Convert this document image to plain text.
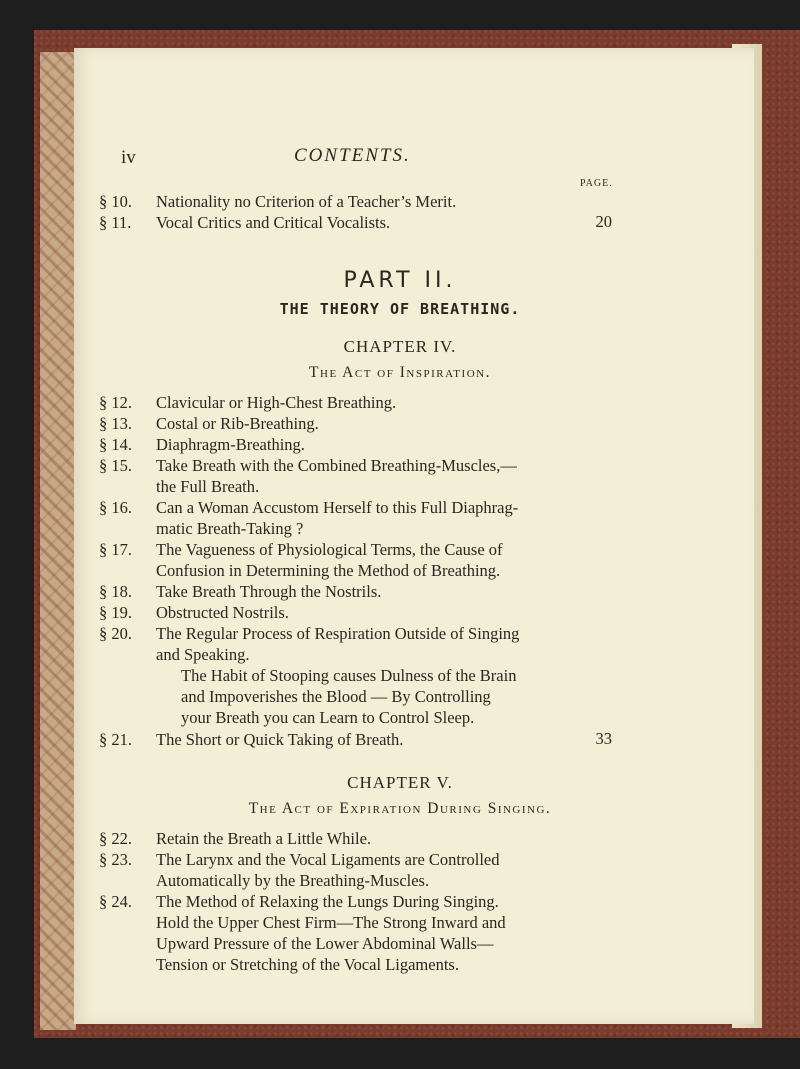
iv	CONTENTS.
PAGE.
§ 10. Nationality no Criterion of a Teacher’s Merit.
§ 11. Vocal Critics and Critical Vocalists.	20
PART II.
THE THEORY OF BREATHING.
CHAPTER IV.
The Act of Inspiration.
§ 12. Clavicular or High-Chest Breathing.
§ 13. Costal or Rib-Breathing.
§ 14. Diaphragm-Breathing.
§ 15. Take Breath with the Combined Breathing-Muscles,—
the Full Breath.
§ 16. Can a Woman Accustom Herself to this Full Diaphrag-
matic Breath-Taking ?
§ 17. The Vagueness of Physiological Terms, the Cause of
Confusion in Determining the Method of Breathing.
§ 18. Take Breath Through the Nostrils.
§ 19. Obstructed Nostrils.
§ 20. The Regular Process of Respiration Outside of Singing
and Speaking.
The Habit of Stooping causes Dulness of the Brain
and Impoverishes the Blood — By Controlling
your Breath you can Learn to Control Sleep.
§ 21. The Short or Quick Taking of Breath.	33
CHAPTER V.
The Act of Expiration During Singing.
§ 22. Retain the Breath a Little While.
§ 23. The Larynx and the Vocal Ligaments are Controlled
Automatically by the Breathing-Muscles.
§ 24. The Method of Relaxing the Lungs During Singing.
Hold the Upper Chest Firm—The Strong Inward and
Upward Pressure of the Lower Abdominal Walls—
Tension or Stretching of the Vocal Ligaments.
